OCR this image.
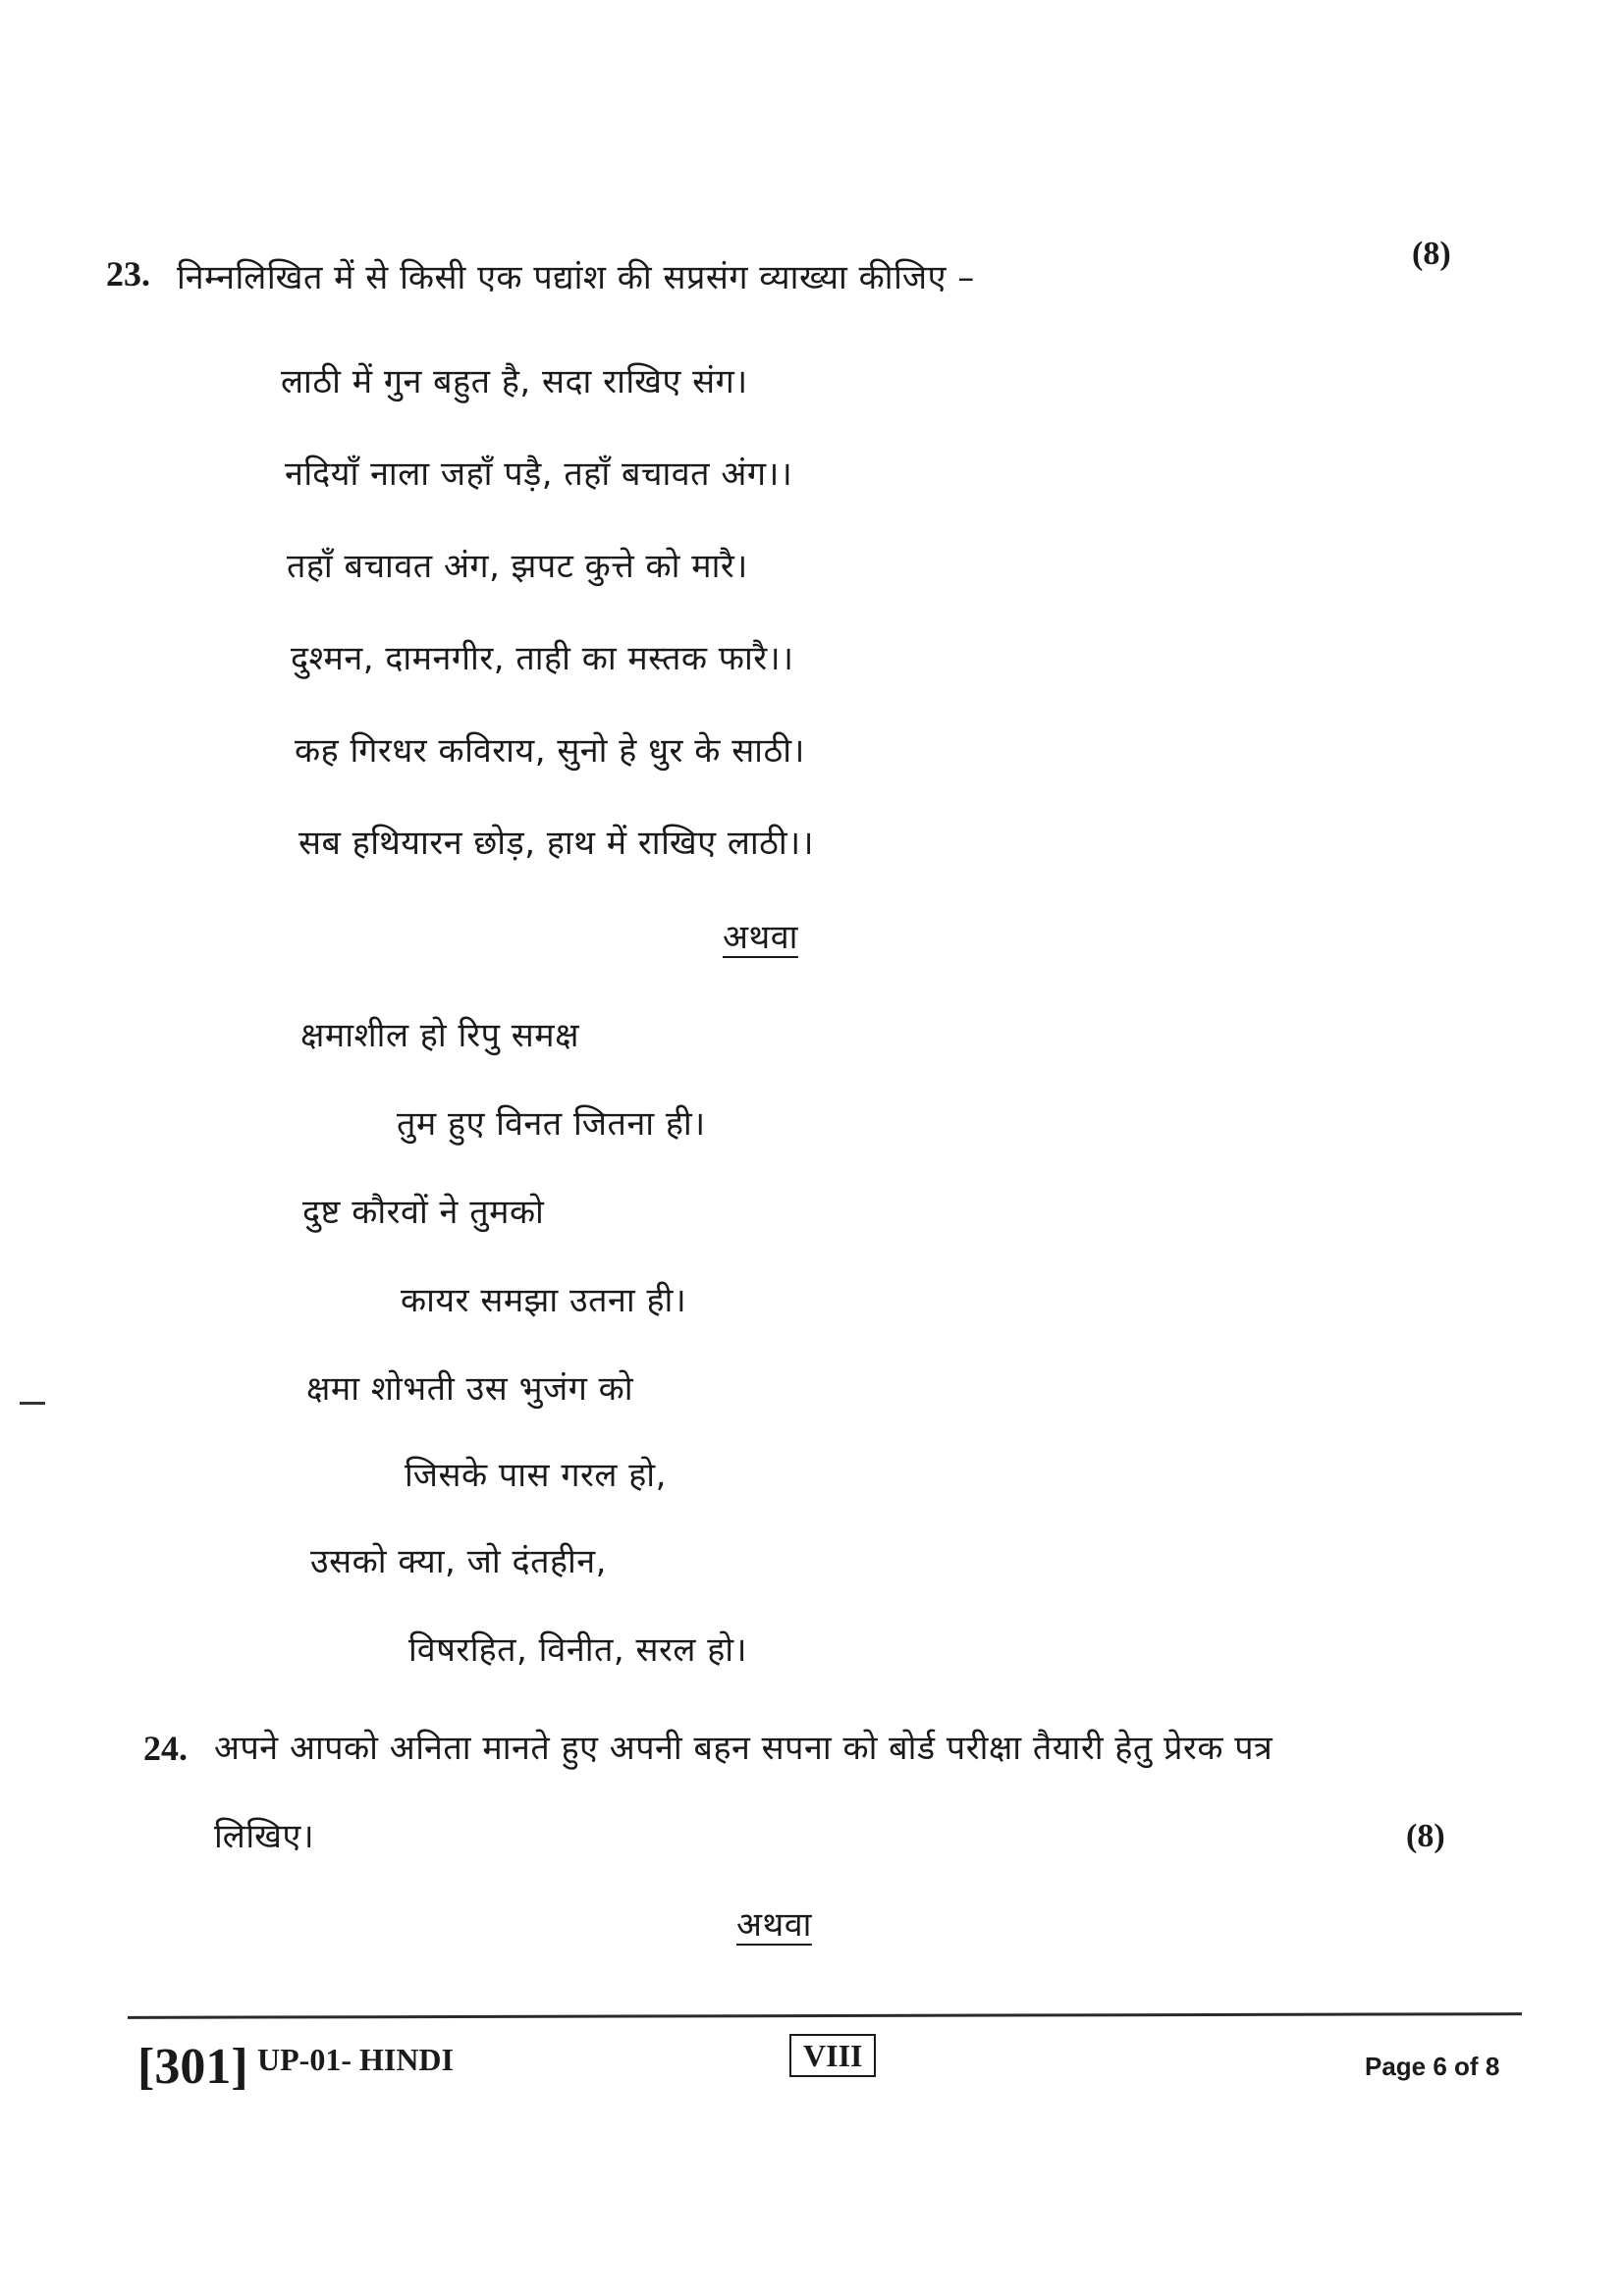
23. निम्नलिखित में से किसी एक पद्यांश की सप्रसंग व्याख्या कीजिए –
(8)
लाठी में गुन बहुत है, सदा राखिए संग।
नदियाँ नाला जहाँ पड़ै, तहाँ बचावत अंग।।
तहाँ बचावत अंग, झपट कुत्ते को मारै।
दुश्मन, दामनगीर, ताही का मस्तक फारै।।
कह गिरधर कविराय, सुनो हे धुर के साठी।
सब हथियारन छोड़, हाथ में राखिए लाठी।।
अथवा
क्षमाशील हो रिपु समक्ष
तुम हुए विनत जितना ही।
दुष्ट कौरवों ने तुमको
कायर समझा उतना ही।
क्षमा शोभती उस भुजंग को
जिसके पास गरल हो,
उसको क्या, जो दंतहीन,
विषरहित, विनीत, सरल हो।
24. अपने आपको अनिता मानते हुए अपनी बहन सपना को बोर्ड परीक्षा तैयारी हेतु प्रेरक पत्र
लिखिए।	(8)
अथवा
[301] UP-01- HINDI	VIII	Page 6 of 8
